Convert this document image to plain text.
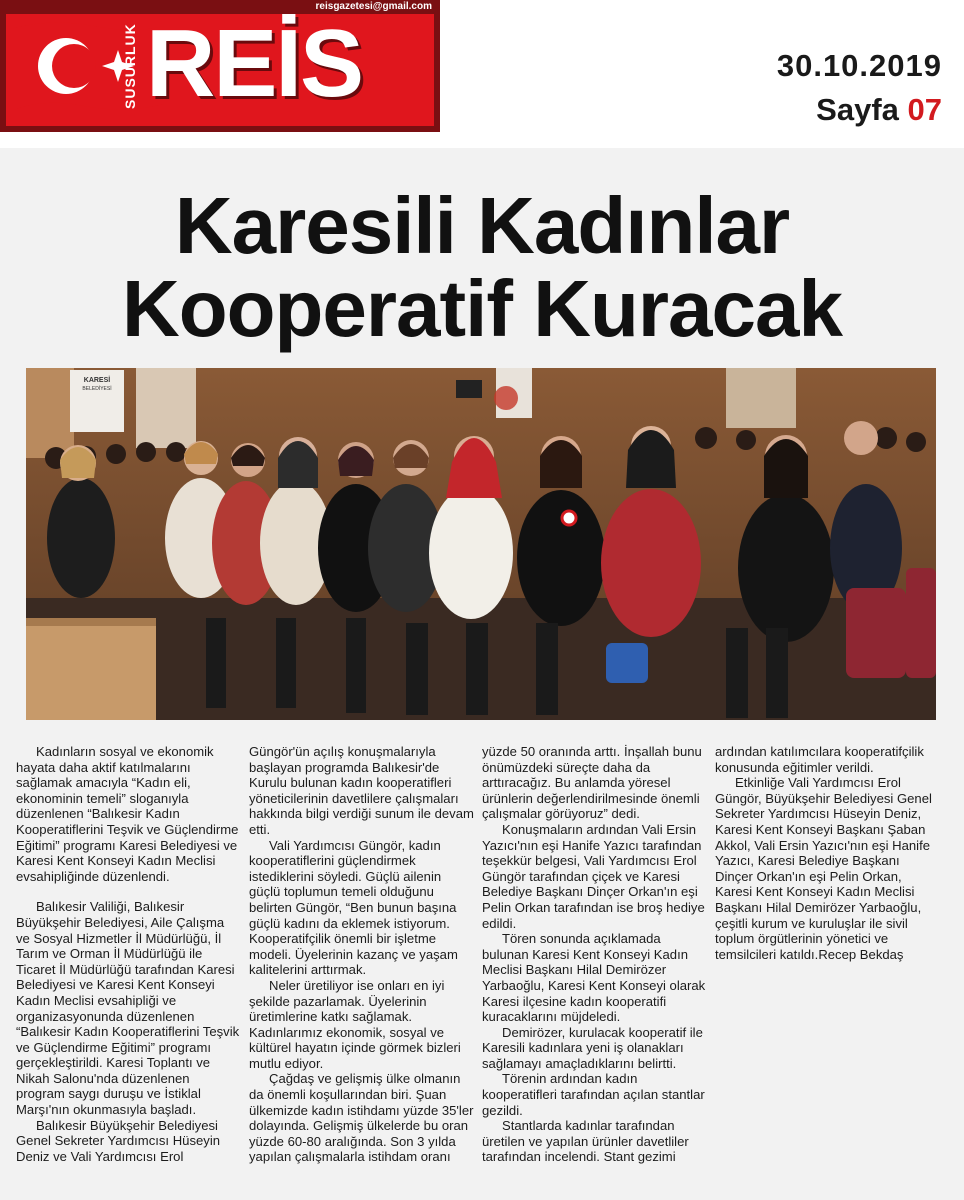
reisgazetesi@gmail.com
SUSURLUK REİS	30.10.2019
Sayfa 07
Karesili Kadınlar
Kooperatif Kuracak
KARESİ
BELEDİYESİ

Kadınların sosyal ve ekonomik hayata daha aktif katılmalarını sağlamak amacıyla “Kadın eli, ekonominin temeli” sloganıyla düzenlenen “Balıkesir Kadın Kooperatiflerini Teşvik ve Güçlendirme Eğitimi” programı Karesi Belediyesi ve Karesi Kent Konseyi Kadın Meclisi evsahipliğinde düzenlendi.

Balıkesir Valiliği, Balıkesir Büyükşehir Belediyesi, Aile Çalışma ve Sosyal Hizmetler İl Müdürlüğü, İl Tarım ve Orman İl Müdürlüğü ile Ticaret İl Müdürlüğü tarafından Karesi Belediyesi ve Karesi Kent Konseyi Kadın Meclisi evsahipliği ve organizasyonunda düzenlenen “Balıkesir Kadın Kooperatiflerini Teşvik ve Güçlendirme Eğitimi” programı gerçekleştirildi. Karesi Toplantı ve Nikah Salonu'nda düzenlenen program saygı duruşu ve İstiklal Marşı'nın okunmasıyla başladı.

Balıkesir Büyükşehir Belediyesi Genel Sekreter Yardımcısı Hüseyin Deniz ve Vali Yardımcısı Erol Güngör'ün açılış konuşmalarıyla başlayan programda Balıkesir'de Kurulu bulunan kadın kooperatifleri yöneticilerinin davetlilere çalışmaları hakkında bilgi verdiği sunum ile devam etti.

Vali Yardımcısı Güngör, kadın kooperatiflerini güçlendirmek istediklerini söyledi. Güçlü ailenin güçlü toplumun temeli olduğunu belirten Güngör, “Ben bunun başına güçlü kadını da eklemek istiyorum. Kooperatifçilik önemli bir işletme modeli. Üyelerinin kazanç ve yaşam kalitelerini arttırmak.

Neler üretiliyor ise onları en iyi şekilde pazarlamak. Üyelerinin üretimlerine katkı sağlamak. Kadınlarımız ekonomik, sosyal ve kültürel hayatın içinde görmek bizleri mutlu ediyor.

Çağdaş ve gelişmiş ülke olmanın da önemli koşullarından biri. Şuan ülkemizde kadın istihdamı yüzde 35'ler dolayında. Gelişmiş ülkelerde bu oran yüzde 60-80 aralığında. Son 3 yılda yapılan çalışmalarla istihdam oranı yüzde 50 oranında arttı. İnşallah bunu önümüzdeki süreçte daha da arttıracağız. Bu anlamda yöresel ürünlerin değerlendirilmesinde önemli çalışmalar görüyoruz” dedi.

Konuşmaların ardından Vali Ersin Yazıcı'nın eşi Hanife Yazıcı tarafından teşekkür belgesi, Vali Yardımcısı Erol Güngör tarafından çiçek ve Karesi Belediye Başkanı Dinçer Orkan'ın eşi Pelin Orkan tarafından ise broş hediye edildi.

Tören sonunda açıklamada bulunan Karesi Kent Konseyi Kadın Meclisi Başkanı Hilal Demirözer Yarbaoğlu, Karesi Kent Konseyi olarak Karesi ilçesine kadın kooperatifi kuracaklarını müjdeledi.

Demirözer, kurulacak kooperatif ile Karesili kadınlara yeni iş olanakları sağlamayı amaçladıklarını belirtti.

Törenin ardından kadın kooperatifleri tarafından açılan stantlar gezildi.

Stantlarda kadınlar tarafından üretilen ve yapılan ürünler davetliler tarafından incelendi. Stant gezimi ardından katılımcılara kooperatifçilik konusunda eğitimler verildi.

Etkinliğe Vali Yardımcısı Erol Güngör, Büyükşehir Belediyesi Genel Sekreter Yardımcısı Hüseyin Deniz, Karesi Kent Konseyi Başkanı Şaban Akkol, Vali Ersin Yazıcı'nın eşi Hanife Yazıcı, Karesi Belediye Başkanı Dinçer Orkan'ın eşi Pelin Orkan, Karesi Kent Konseyi Kadın Meclisi Başkanı Hilal Demirözer Yarbaoğlu, çeşitli kurum ve kuruluşlar ile sivil toplum örgütlerinin yönetici ve temsilcileri katıldı.Recep Bekdaş
